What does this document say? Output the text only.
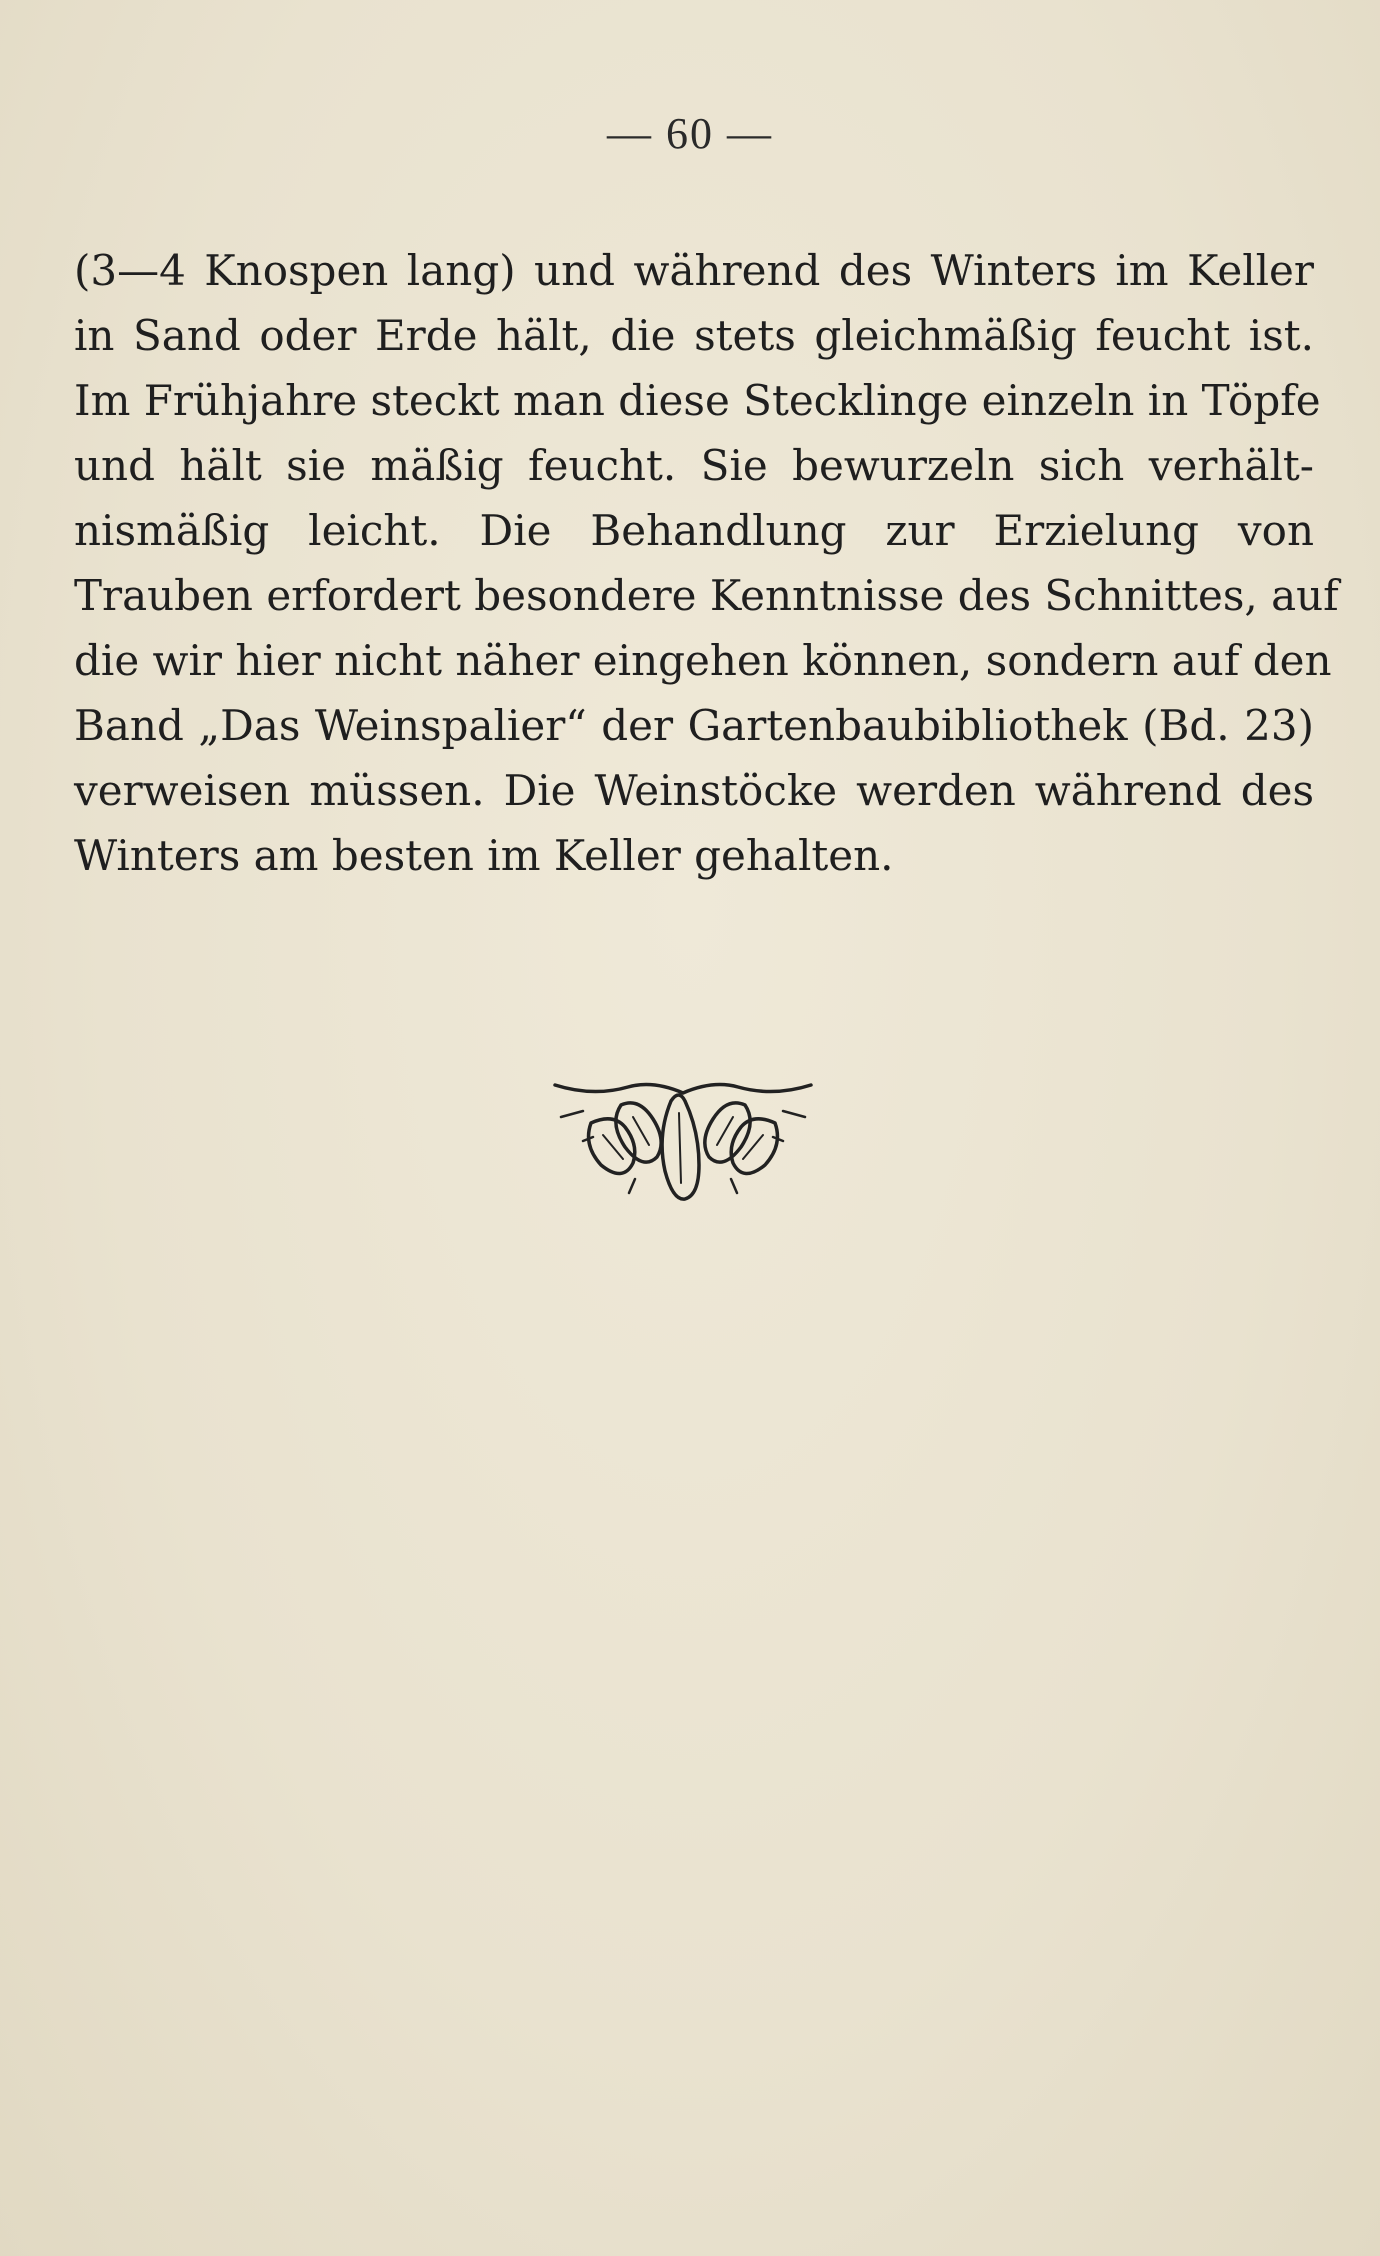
— 60 —
(3—4 Knospen lang) und während des Winters im Keller
in Sand oder Erde hält, die stets gleichmäßig feucht ist.
Im Frühjahre steckt man diese Stecklinge einzeln in Töpfe
und hält sie mäßig feucht. Sie bewurzeln sich verhält-
nismäßig leicht. Die Behandlung zur Erzielung von
Trauben erfordert besondere Kenntnisse des Schnittes, auf
die wir hier nicht näher eingehen können, sondern auf den
Band „Das Weinspalier“ der Gartenbaubibliothek (Bd. 23)
verweisen müssen. Die Weinstöcke werden während des
Winters am besten im Keller gehalten.
